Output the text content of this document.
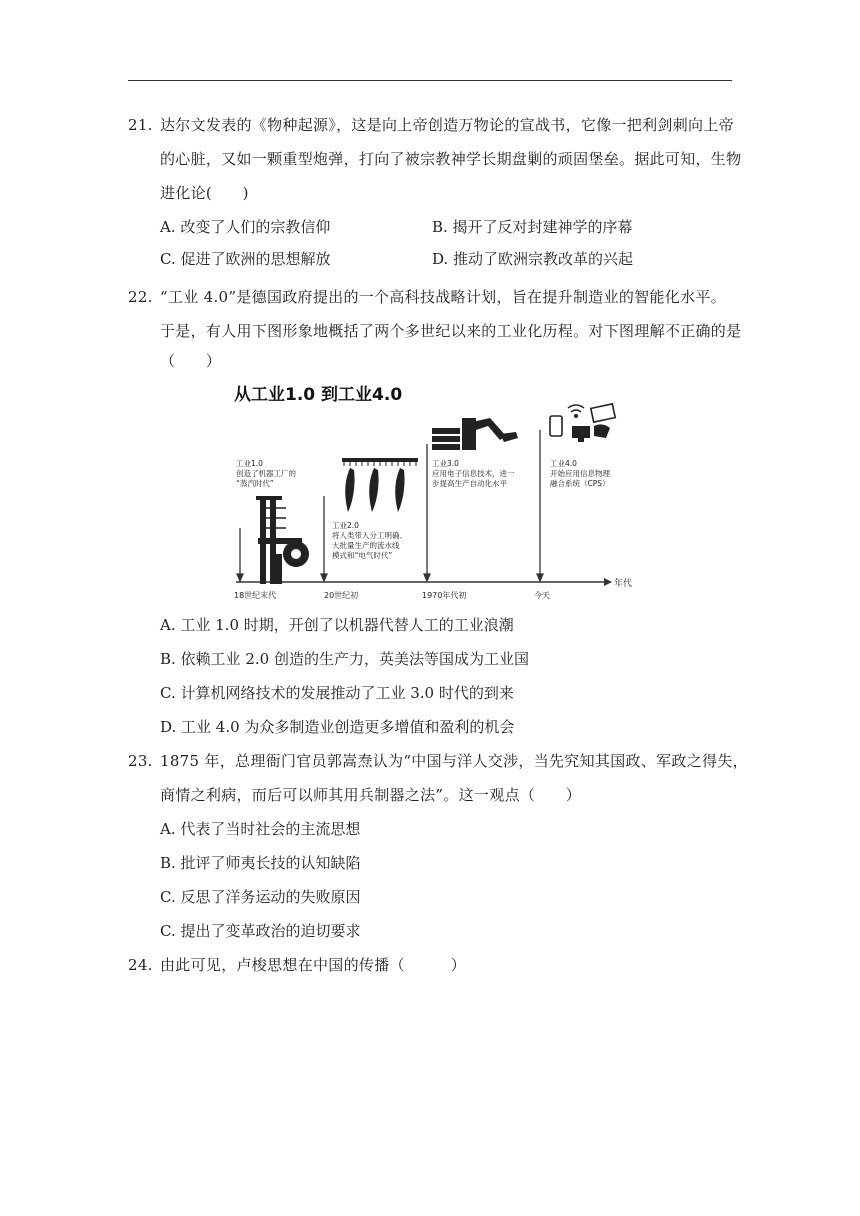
21. 达尔文发表的《物种起源》，这是向上帝创造万物论的宣战书，它像一把利剑刺向上帝
的心脏，又如一颗重型炮弹，打向了被宗教神学长期盘剿的顽固堡垒。据此可知，生物
进化论(　　)
A. 改变了人们的宗教信仰	B. 揭开了反对封建神学的序幕
C. 促进了欧洲的思想解放	D. 推动了欧洲宗教改革的兴起
22. “工业 4.0”是德国政府提出的一个高科技战略计划，旨在提升制造业的智能化水平。
于是，有人用下图形象地概括了两个多世纪以来的工业化历程。对下图理解不正确的是
（　　）
从工业1.0 到工业4.0
年代
18世纪末代	20世纪初	1970年代初	今天
工业1.0
创造了机器工厂的
“蒸汽时代”
工业2.0
将人类带入分工明确、
大批量生产的流水线
模式和“电气时代”
工业3.0
应用电子信息技术，进一
步提高生产自动化水平
工业4.0
开始应用信息物理
融合系统（CPS）
A. 工业 1.0 时期，开创了以机器代替人工的工业浪潮
B. 依赖工业 2.0 创造的生产力，英美法等国成为工业国
C. 计算机网络技术的发展推动了工业 3.0 时代的到来
D. 工业 4.0 为众多制造业创造更多增值和盈利的机会
23. 1875 年，总理衙门官员郭嵩焘认为“中国与洋人交涉，当先究知其国政、军政之得失，
商情之利病，而后可以师其用兵制器之法”。这一观点（　　）
A. 代表了当时社会的主流思想
B. 批评了师夷长技的认知缺陷
C. 反思了洋务运动的失败原因
C. 提出了变革政治的迫切要求
24. 由此可见，卢梭思想在中国的传播（　　　）
